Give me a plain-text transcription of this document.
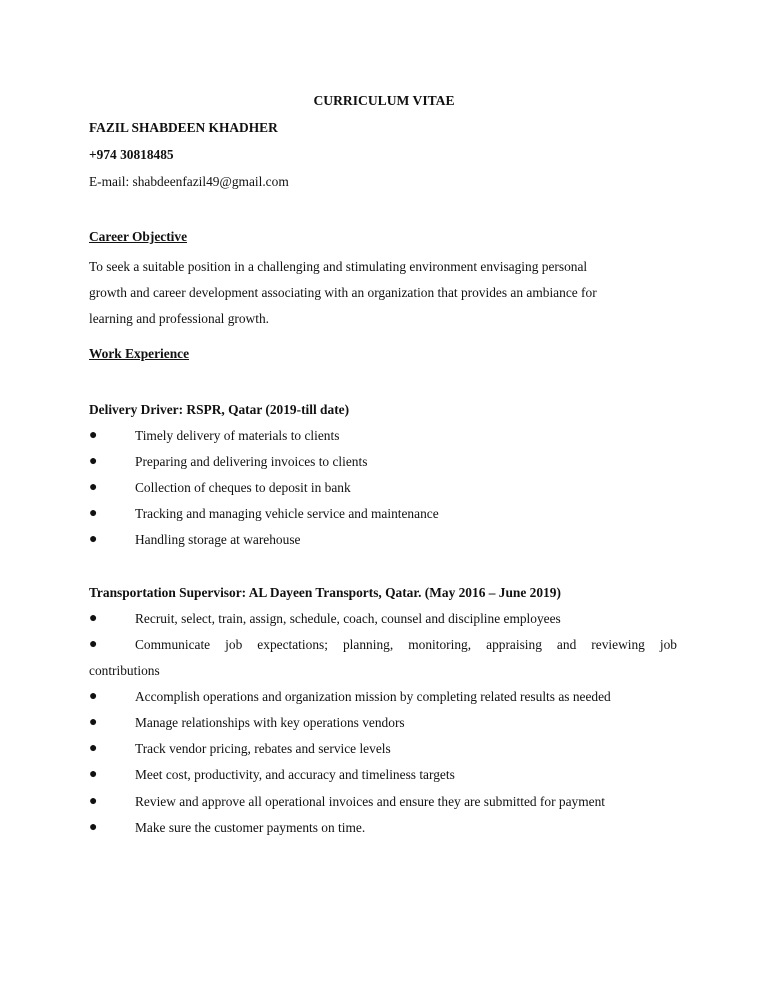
CURRICULUM VITAE
FAZIL SHABDEEN KHADHER
+974 30818485
E-mail: shabdeenfazil49@gmail.com
Career Objective
To seek a suitable position in a challenging and stimulating environment envisaging personal
growth and career development associating with an organization that provides an ambiance for
learning and professional growth.
Work Experience
Delivery Driver: RSPR, Qatar (2019-till date)
●	Timely delivery of materials to clients
●	Preparing and delivering invoices to clients
●	Collection of cheques to deposit in bank
●	Tracking and managing vehicle service and maintenance
●	Handling storage at warehouse
Transportation Supervisor: AL Dayeen Transports, Qatar. (May 2016 – June 2019)
●	Recruit, select, train, assign, schedule, coach, counsel and discipline employees
●	Communicate job expectations; planning, monitoring, appraising and reviewing job
contributions
●	Accomplish operations and organization mission by completing related results as needed
●	Manage relationships with key operations vendors
●	Track vendor pricing, rebates and service levels
●	Meet cost, productivity, and accuracy and timeliness targets
●	Review and approve all operational invoices and ensure they are submitted for payment
●	Make sure the customer payments on time.
